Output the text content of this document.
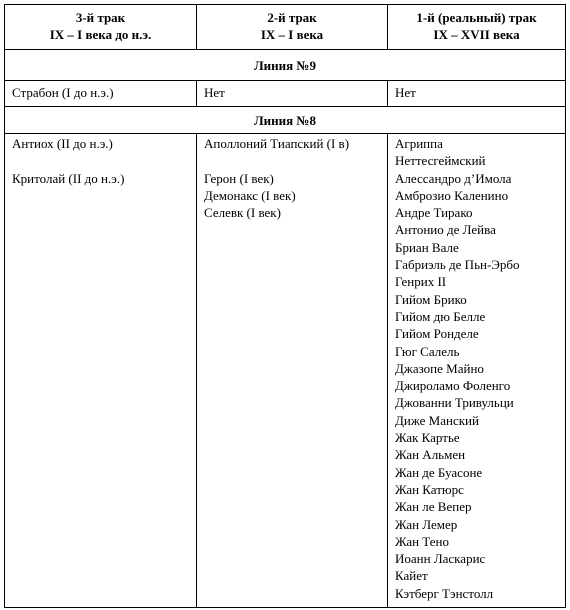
3-й трак
IX – I века до н.э.
2-й трак
IX – I века
1-й (реальный) трак
IX – XVII века
Линия №9
Страбон (I до н.э.)	Нет	Нет
Линия №8
Антиох (II до н.э.)
Критолай (II до н.э.)
Аполлоний Тиапский (I в)
Герон (I век)
Демонакс (I век)
Селевк (I век)
Агриппа
Неттесгеймский
Алессандро д’Имола
Амброзио Каленино
Андре Тирако
Антонио де Лейва
Бриан Вале
Габриэль де Пьн-Эрбо
Генрих II
Гийом Брико
Гийом дю Белле
Гийом Ронделе
Гюг Салель
Джазопе Майно
Джироламо Фоленго
Джованни Тривульци
Диже Манский
Жак Картье
Жан Альмен
Жан де Буасоне
Жан Катюрс
Жан ле Вепер
Жан Лемер
Жан Тено
Иоанн Ласкарис
Кайет
Кэтберг Тэнстолл
